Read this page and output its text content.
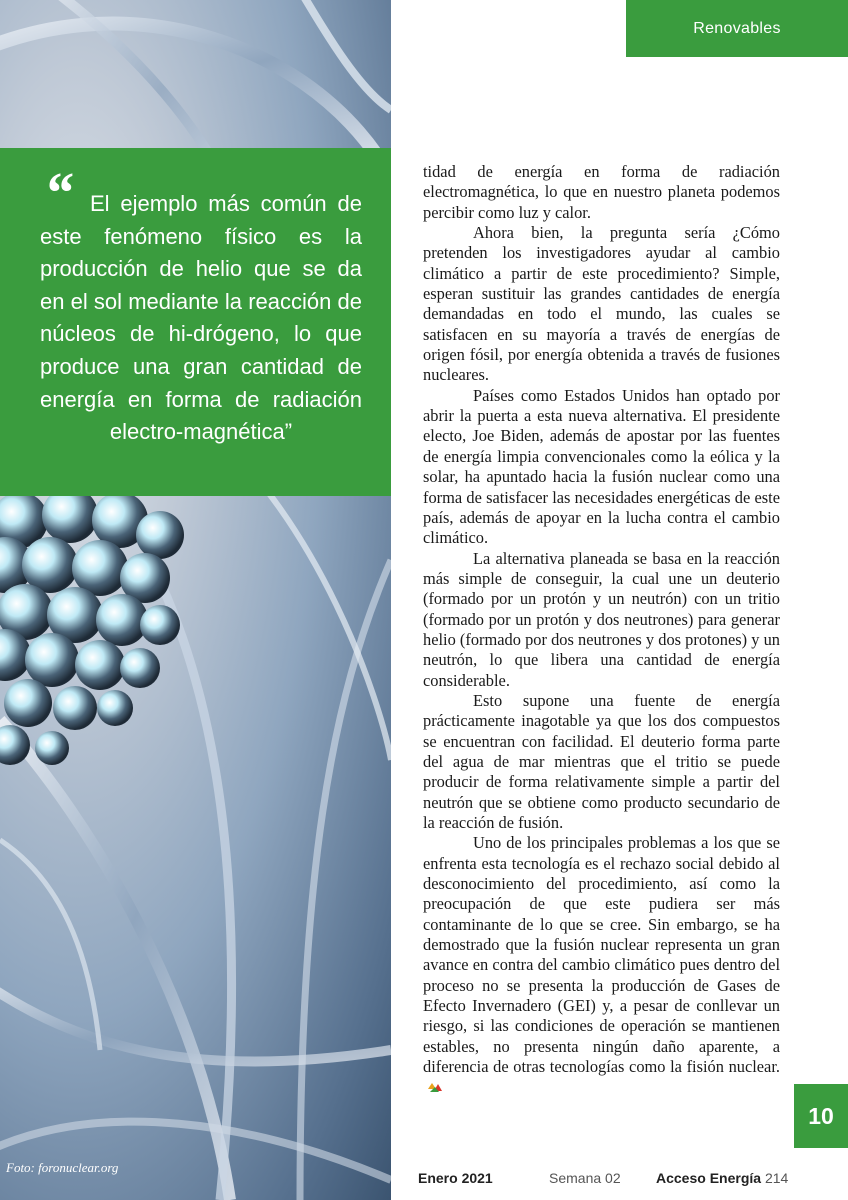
Renovables
“ El ejemplo más común de este fenómeno físico es la producción de helio que se da en el sol mediante la reacción de núcleos de hi-drógeno, lo que produce una gran cantidad de energía en forma de radiación electro-magnética”

tidad de energía en forma de radiación electromagnética, lo que en nuestro planeta podemos percibir como luz y calor.

Ahora bien, la pregunta sería ¿Cómo pretenden los investigadores ayudar al cambio climático a partir de este procedimiento? Simple, esperan sustituir las grandes cantidades de energía demandadas en todo el mundo, las cuales se satisfacen en su mayoría a través de energías de origen fósil, por energía obtenida a través de fusiones nucleares.

Países como Estados Unidos han optado por abrir la puerta a esta nueva alternativa. El presidente electo, Joe Biden, además de apostar por las fuentes de energía limpia convencionales como la eólica y la solar, ha apuntado hacia la fusión nuclear como una forma de satisfacer las necesidades energéticas de este país, además de apoyar en la lucha contra el cambio climático.

La alternativa planeada se basa en la reacción más simple de conseguir, la cual une un deuterio (formado por un protón y un neutrón) con un tritio (formado por un protón y dos neutrones) para generar helio (formado por dos neutrones y dos protones) y un neutrón, lo que libera una cantidad de energía considerable.

Esto supone una fuente de energía prácticamente inagotable ya que los dos compuestos se encuentran con facilidad. El deuterio forma parte del agua de mar mientras que el tritio se puede producir de forma relativamente simple a partir del neutrón que se obtiene como producto secundario de la reacción de fusión.

Uno de los principales problemas a los que se enfrenta esta tecnología es el rechazo social debido al desconocimiento del procedimiento, así como la preocupación de que este pudiera ser más contaminante de lo que se cree. Sin embargo, se ha demostrado que la fusión nuclear representa un gran avance en contra del cambio climático pues dentro del proceso no se presenta la producción de Gases de Efecto Invernadero (GEI) y, a pesar de conllevar un riesgo, si las condiciones de operación se mantienen estables, no presenta ningún daño aparente, a diferencia de otras tecnologías como la fisión nuclear.

10
Foto: foronuclear.org
Enero 2021	Semana 02	Acceso Energía 214
